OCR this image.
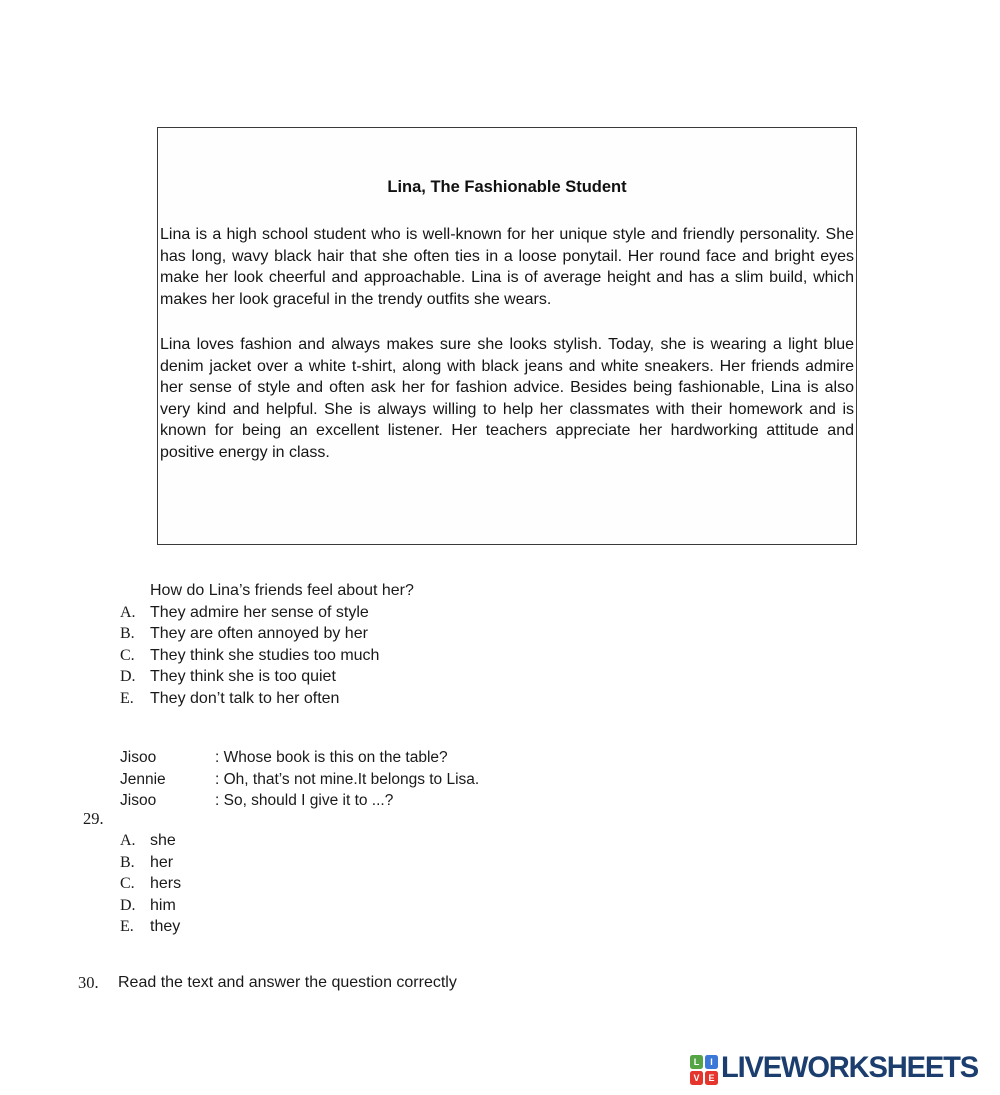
Lina, The Fashionable Student
Lina is a high school student who is well-known for her unique style and friendly personality. She has long, wavy black hair that she often ties in a loose ponytail. Her round face and bright eyes make her look cheerful and approachable. Lina is of average height and has a slim build, which makes her look graceful in the trendy outfits she wears.
Lina loves fashion and always makes sure she looks stylish. Today, she is wearing a light blue denim jacket over a white t-shirt, along with black jeans and white sneakers. Her friends admire her sense of style and often ask her for fashion advice. Besides being fashionable, Lina is also very kind and helpful. She is always willing to help her classmates with their homework and is known for being an excellent listener. Her teachers appreciate her hardworking attitude and positive energy in class.
How do Lina’s friends feel about her?
A. They admire her sense of style
B. They are often annoyed by her
C. They think she studies too much
D. They think she is too quiet
E.	They don’t talk to her often
Jisoo	: Whose book is this on the table?
Jennie	: Oh, that’s not mine.It belongs to Lisa.
Jisoo	: So, should I give it to ...?
29.
A. she
B. her
C. hers
D. him
E.	they
30.	Read the text and answer the question correctly
L	I
V E LIVEWORKSHEETS
